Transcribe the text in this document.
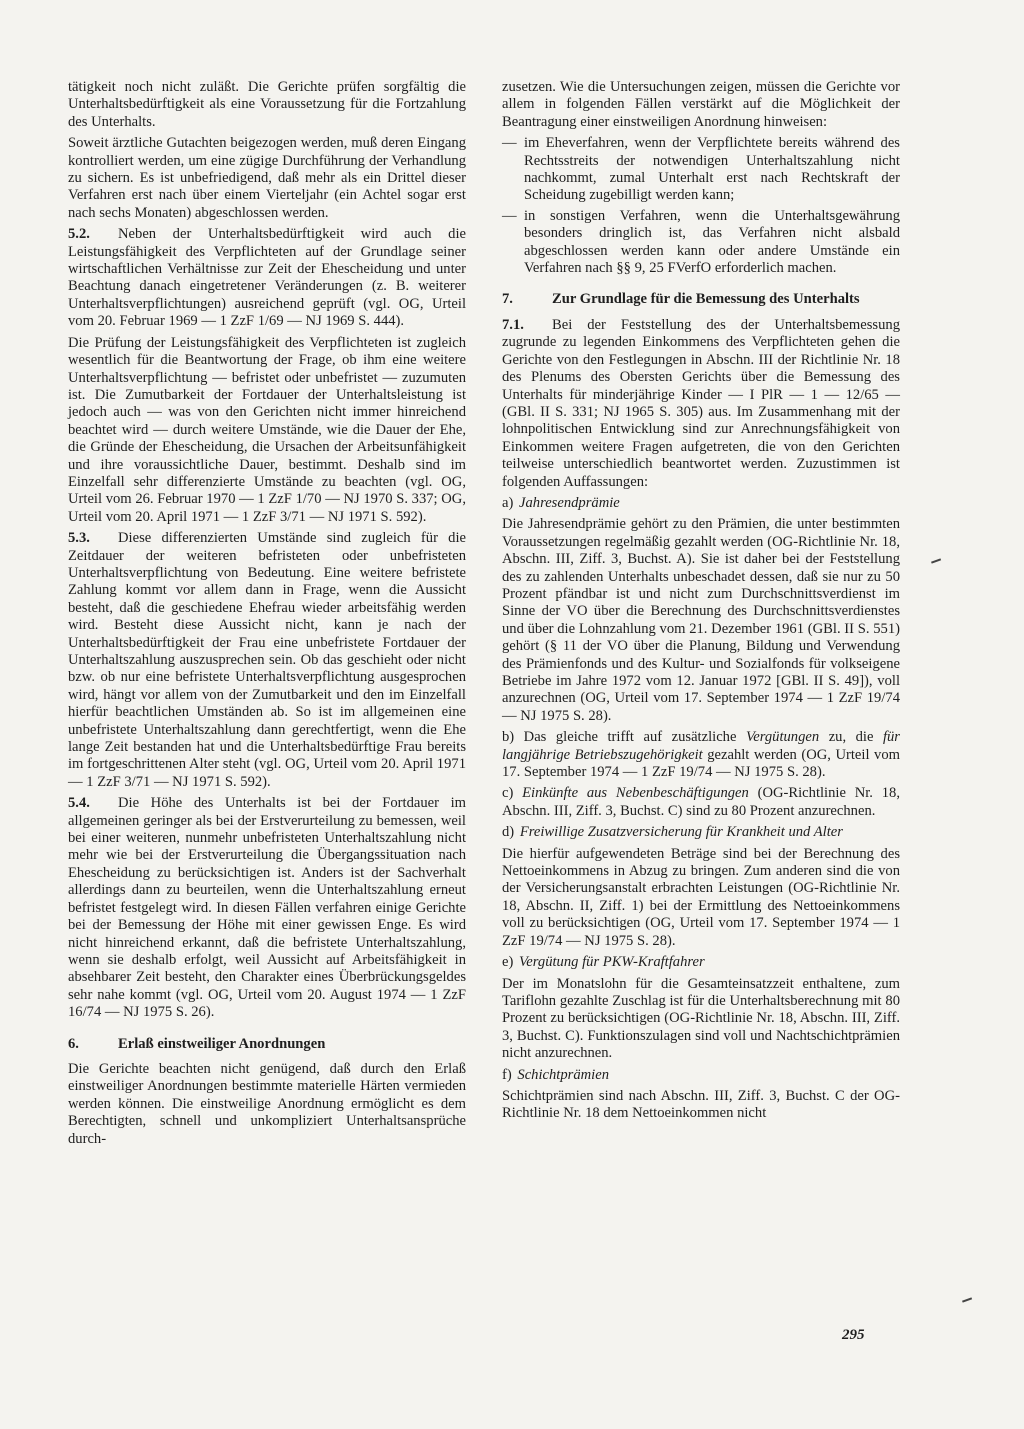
tätigkeit noch nicht zuläßt. Die Gerichte prüfen sorgfältig die Unterhaltsbedürftigkeit als eine Voraussetzung für die Fortzahlung des Unterhalts.

Soweit ärztliche Gutachten beigezogen werden, muß deren Eingang kontrolliert werden, um eine zügige Durchführung der Verhandlung zu sichern. Es ist unbefriedigend, daß mehr als ein Drittel dieser Verfahren erst nach über einem Vierteljahr (ein Achtel sogar erst nach sechs Monaten) abgeschlossen werden.

5.2. Neben der Unterhaltsbedürftigkeit wird auch die Leistungsfähigkeit des Verpflichteten auf der Grundlage seiner wirtschaftlichen Verhältnisse zur Zeit der Ehescheidung und unter Beachtung danach eingetretener Veränderungen (z. B. weiterer Unterhaltsverpflichtungen) ausreichend geprüft (vgl. OG, Urteil vom 20. Februar 1969 — 1 ZzF 1/69 — NJ 1969 S. 444).

Die Prüfung der Leistungsfähigkeit des Verpflichteten ist zugleich wesentlich für die Beantwortung der Frage, ob ihm eine weitere Unterhaltsverpflichtung — befristet oder unbefristet — zuzumuten ist. Die Zumutbarkeit der Fortdauer der Unterhaltsleistung ist jedoch auch — was von den Gerichten nicht immer hinreichend beachtet wird — durch weitere Umstände, wie die Dauer der Ehe, die Gründe der Ehescheidung, die Ursachen der Arbeitsunfähigkeit und ihre voraussichtliche Dauer, bestimmt. Deshalb sind im Einzelfall sehr differenzierte Umstände zu beachten (vgl. OG, Urteil vom 26. Februar 1970 — 1 ZzF 1/70 — NJ 1970 S. 337; OG, Urteil vom 20. April 1971 — 1 ZzF 3/71 — NJ 1971 S. 592).

5.3. Diese differenzierten Umstände sind zugleich für die Zeitdauer der weiteren befristeten oder unbefristeten Unterhaltsverpflichtung von Bedeutung. Eine weitere befristete Zahlung kommt vor allem dann in Frage, wenn die Aussicht besteht, daß die geschiedene Ehefrau wieder arbeitsfähig werden wird. Besteht diese Aussicht nicht, kann je nach der Unterhaltsbedürftigkeit der Frau eine unbefristete Fortdauer der Unterhaltszahlung auszusprechen sein. Ob das geschieht oder nicht bzw. ob nur eine befristete Unterhaltsverpflichtung ausgesprochen wird, hängt vor allem von der Zumutbarkeit und den im Einzelfall hierfür beachtlichen Umständen ab. So ist im allgemeinen eine unbefristete Unterhaltszahlung dann gerechtfertigt, wenn die Ehe lange Zeit bestanden hat und die Unterhaltsbedürftige Frau bereits im fortgeschrittenen Alter steht (vgl. OG, Urteil vom 20. April 1971 — 1 ZzF 3/71 — NJ 1971 S. 592).

5.4. Die Höhe des Unterhalts ist bei der Fortdauer im allgemeinen geringer als bei der Erstverurteilung zu bemessen, weil bei einer weiteren, nunmehr unbefristeten Unterhaltszahlung nicht mehr wie bei der Erstverurteilung die Übergangssituation nach Ehescheidung zu berücksichtigen ist. Anders ist der Sachverhalt allerdings dann zu beurteilen, wenn die Unterhaltszahlung erneut befristet festgelegt wird. In diesen Fällen verfahren einige Gerichte bei der Bemessung der Höhe mit einer gewissen Enge. Es wird nicht hinreichend erkannt, daß die befristete Unterhaltszahlung, wenn sie deshalb erfolgt, weil Aussicht auf Arbeitsfähigkeit in absehbarer Zeit besteht, den Charakter eines Überbrückungsgeldes sehr nahe kommt (vgl. OG, Urteil vom 20. August 1974 — 1 ZzF 16/74 — NJ 1975 S. 26).

6.	Erlaß einstweiliger Anordnungen

Die Gerichte beachten nicht genügend, daß durch den Erlaß einstweiliger Anordnungen bestimmte materielle Härten vermieden werden können. Die einstweilige Anordnung ermöglicht es dem Berechtigten, schnell und unkompliziert Unterhaltsansprüche durch-

zusetzen. Wie die Untersuchungen zeigen, müssen die Gerichte vor allem in folgenden Fällen verstärkt auf die Möglichkeit der Beantragung einer einstweiligen Anordnung hinweisen:

— im Eheverfahren, wenn der Verpflichtete bereits während des Rechtsstreits der notwendigen Unterhaltszahlung nicht nachkommt, zumal Unterhalt erst nach Rechtskraft der Scheidung zugebilligt werden kann;
— in sonstigen Verfahren, wenn die Unterhaltsgewährung besonders dringlich ist, das Verfahren nicht alsbald abgeschlossen werden kann oder andere Umstände ein Verfahren nach §§ 9, 25 FVerfO erforderlich machen.
7.	Zur Grundlage für die Bemessung des Unterhalts

7.1. Bei der Feststellung des der Unterhaltsbemessung zugrunde zu legenden Einkommens des Verpflichteten gehen die Gerichte von den Festlegungen in Abschn. III der Richtlinie Nr. 18 des Plenums des Obersten Gerichts über die Bemessung des Unterhalts für minderjährige Kinder — I PlR — 1 — 12/65 — (GBl. II S. 331; NJ 1965 S. 305) aus. Im Zusammenhang mit der lohnpolitischen Entwicklung sind zur Anrechnungsfähigkeit von Einkommen weitere Fragen aufgetreten, die von den Gerichten teilweise unterschiedlich beantwortet werden. Zuzustimmen ist folgenden Auffassungen:

a) Jahresendprämie

Die Jahresendprämie gehört zu den Prämien, die unter bestimmten Voraussetzungen regelmäßig gezahlt werden (OG-Richtlinie Nr. 18, Abschn. III, Ziff. 3, Buchst. A). Sie ist daher bei der Feststellung des zu zahlenden Unterhalts unbeschadet dessen, daß sie nur zu 50 Prozent pfändbar ist und nicht zum Durchschnittsverdienst im Sinne der VO über die Berechnung des Durchschnittsverdienstes und über die Lohnzahlung vom 21. Dezember 1961 (GBl. II S. 551) gehört (§ 11 der VO über die Planung, Bildung und Verwendung des Prämienfonds und des Kultur- und Sozialfonds für volkseigene Betriebe im Jahre 1972 vom 12. Januar 1972 [GBl. II S. 49]), voll anzurechnen (OG, Urteil vom 17. September 1974 — 1 ZzF 19/74 — NJ 1975 S. 28).

b) Das gleiche trifft auf zusätzliche Vergütungen zu, die für langjährige Betriebszugehörigkeit gezahlt werden (OG, Urteil vom 17. September 1974 — 1 ZzF 19/74 — NJ 1975 S. 28).

c) Einkünfte aus Nebenbeschäftigungen (OG-Richtlinie Nr. 18, Abschn. III, Ziff. 3, Buchst. C) sind zu 80 Prozent anzurechnen.

d) Freiwillige Zusatzversicherung für Krankheit und Alter

Die hierfür aufgewendeten Beträge sind bei der Berechnung des Nettoeinkommens in Abzug zu bringen. Zum anderen sind die von der Versicherungsanstalt erbrachten Leistungen (OG-Richtlinie Nr. 18, Abschn. II, Ziff. 1) bei der Ermittlung des Nettoeinkommens voll zu berücksichtigen (OG, Urteil vom 17. September 1974 — 1 ZzF 19/74 — NJ 1975 S. 28).

e) Vergütung für PKW-Kraftfahrer

Der im Monatslohn für die Gesamteinsatzzeit enthaltene, zum Tariflohn gezahlte Zuschlag ist für die Unterhaltsberechnung mit 80 Prozent zu berücksichtigen (OG-Richtlinie Nr. 18, Abschn. III, Ziff. 3, Buchst. C). Funktionszulagen sind voll und Nachtschichtprämien nicht anzurechnen.

f) Schichtprämien

Schichtprämien sind nach Abschn. III, Ziff. 3, Buchst. C der OG-Richtlinie Nr. 18 dem Nettoeinkommen nicht

295
